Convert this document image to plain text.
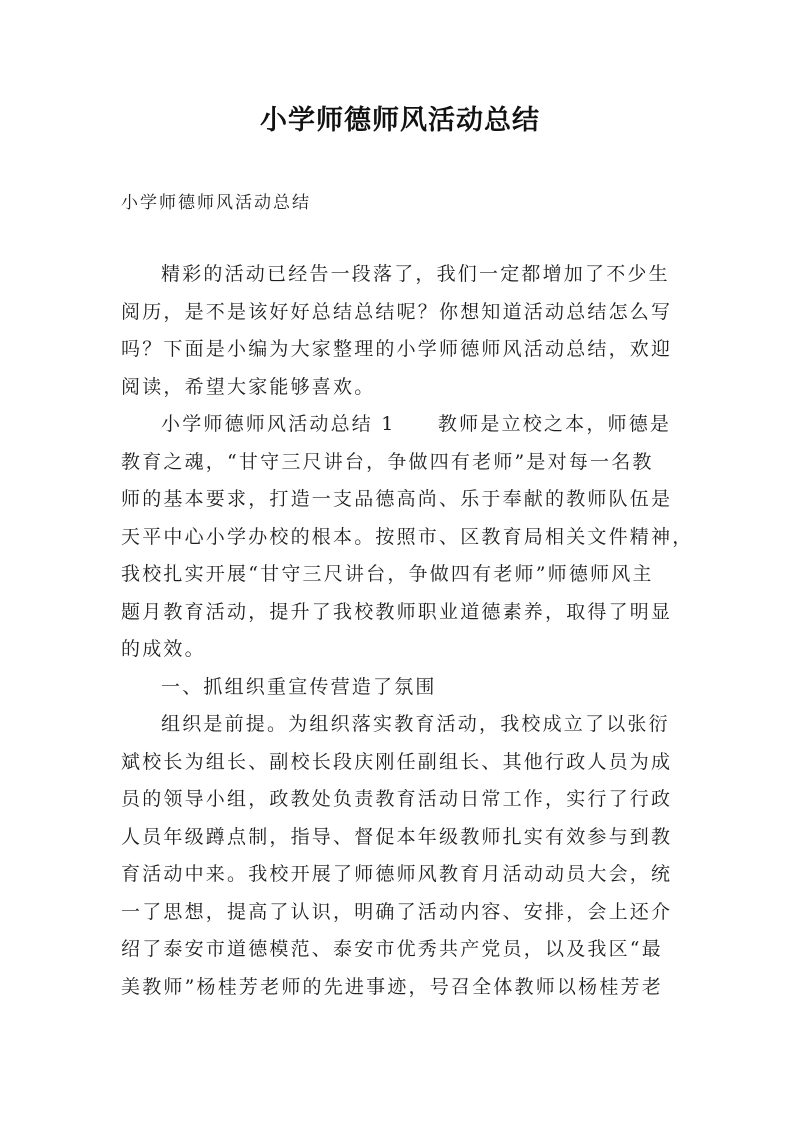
小学师德师风活动总结
小学师德师风活动总结
精彩的活动已经告一段落了，我们一定都增加了不少生
阅历，是不是该好好总结总结呢？你想知道活动总结怎么写
吗？下面是小编为大家整理的小学师德师风活动总结，欢迎
阅读，希望大家能够喜欢。
小学师德师风活动总结 1　　教师是立校之本，师德是
教育之魂，“甘守三尺讲台，争做四有老师”是对每一名教
师的基本要求，打造一支品德高尚、乐于奉献的教师队伍是
天平中心小学办校的根本。按照市、区教育局相关文件精神，
我校扎实开展“甘守三尺讲台，争做四有老师”师德师风主
题月教育活动，提升了我校教师职业道德素养，取得了明显
的成效。
一、抓组织重宣传营造了氛围
组织是前提。为组织落实教育活动，我校成立了以张衍
斌校长为组长、副校长段庆刚任副组长、其他行政人员为成
员的领导小组，政教处负责教育活动日常工作，实行了行政
人员年级蹲点制，指导、督促本年级教师扎实有效参与到教
育活动中来。我校开展了师德师风教育月活动动员大会，统
一了思想，提高了认识，明确了活动内容、安排，会上还介
绍了泰安市道德模范、泰安市优秀共产党员，以及我区“最
美教师”杨桂芳老师的先进事迹，号召全体教师以杨桂芳老
